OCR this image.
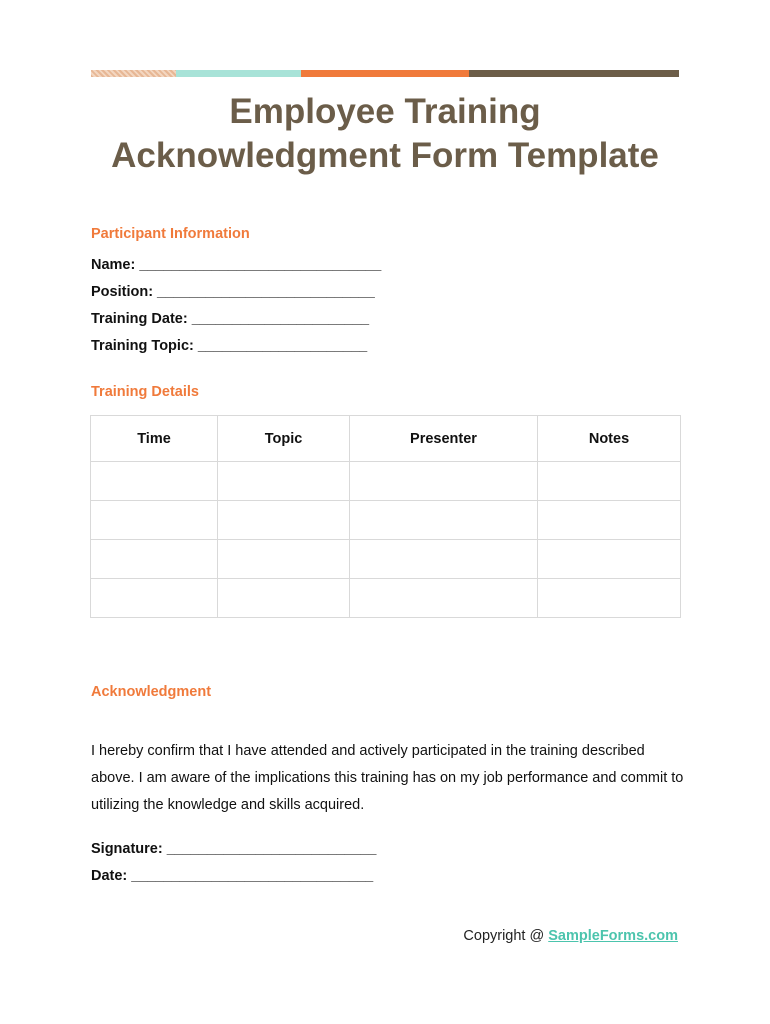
Employee Training
Acknowledgment Form Template
Participant Information
Name: ______________________________
Position: ___________________________
Training Date: ______________________
Training Topic: _____________________
Training Details
Time	Topic	Presenter	Notes

Acknowledgment
I hereby confirm that I have attended and actively participated in the training described above. I am aware of the implications this training has on my job performance and commit to utilizing the knowledge and skills acquired.
Signature: __________________________
Date: ______________________________
Copyright @ SampleForms.com
